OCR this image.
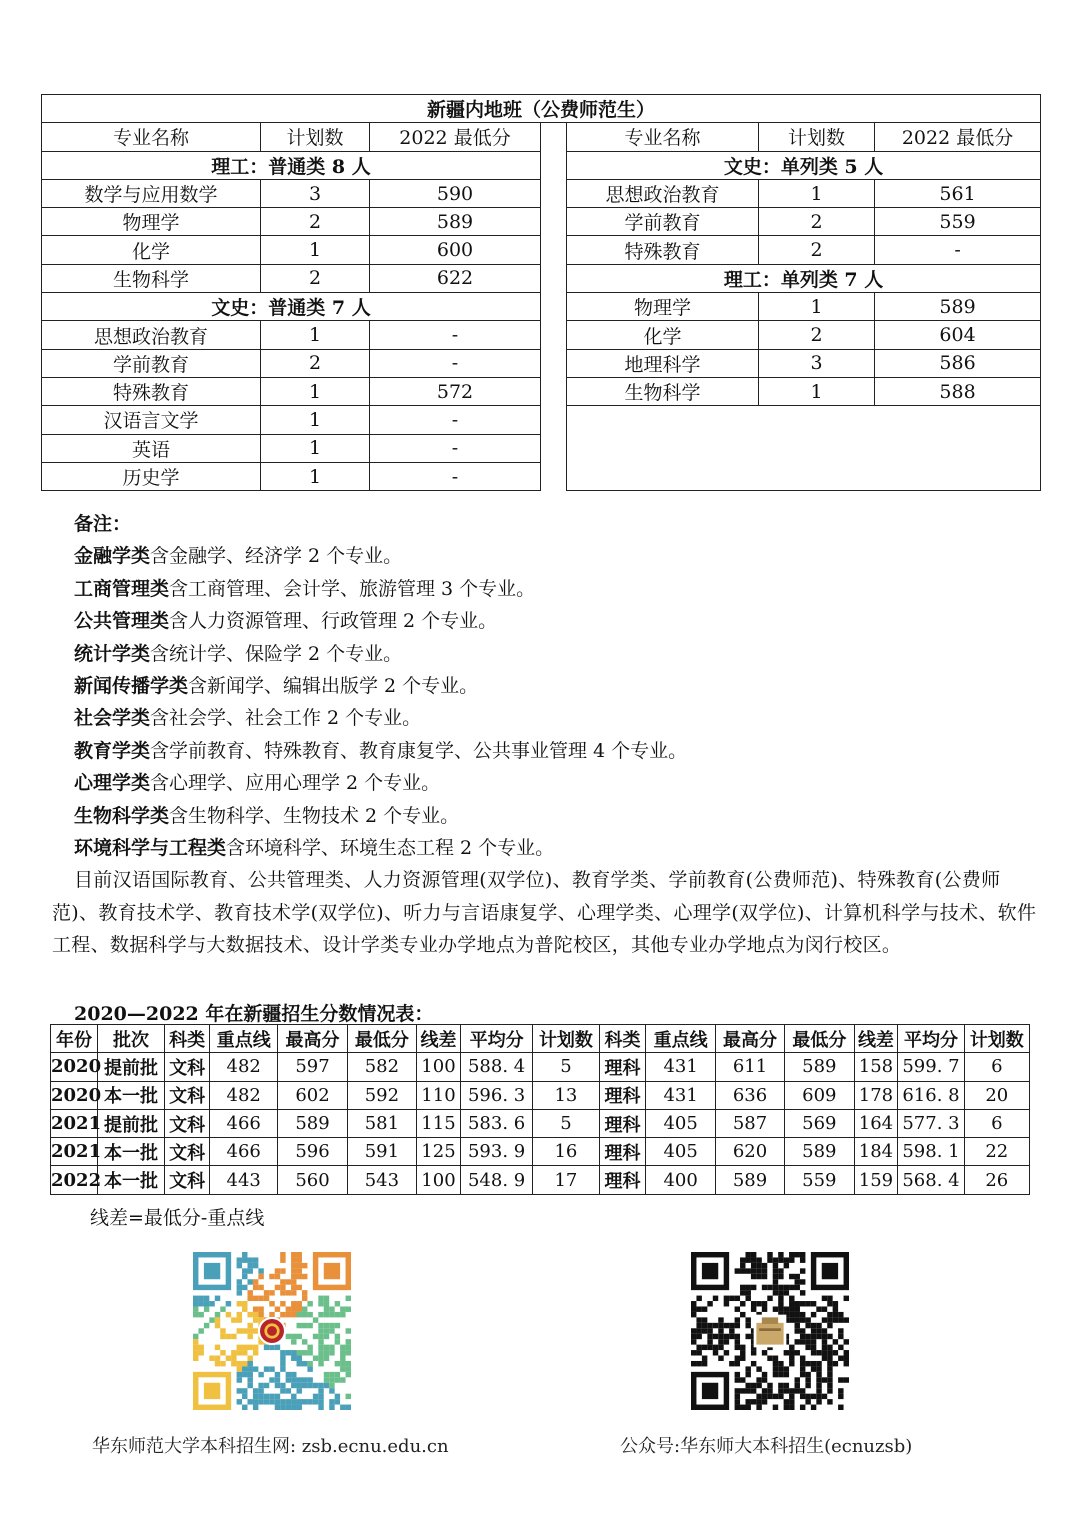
新疆内地班（公费师范生）						
专业名称	计划数	2022 最低分		专业名称	计划数	2022 最低分
理工：普通类 8 人				文史：单列类 5 人		
数学与应用数学	3	590		思想政治教育	1	561
物理学	2	589		学前教育	2	559
化学	1	600		特殊教育	2	-
生物科学	2	622		理工：单列类 7 人		
文史：普通类 7 人				物理学	1	589
思想政治教育	1	-		化学	2	604
学前教育	2	-		地理科学	3	586
特殊教育	1	572		生物科学	1	588
汉语言文学	1	-				
英语	1	-				
历史学	1	-				
备注：
金融学类含金融学、经济学 2 个专业。
工商管理类含工商管理、会计学、旅游管理 3 个专业。
公共管理类含人力资源管理、行政管理 2 个专业。
统计学类含统计学、保险学 2 个专业。
新闻传播学类含新闻学、编辑出版学 2 个专业。
社会学类含社会学、社会工作 2 个专业。
教育学类含学前教育、特殊教育、教育康复学、公共事业管理 4 个专业。
心理学类含心理学、应用心理学 2 个专业。
生物科学类含生物科学、生物技术 2 个专业。
环境科学与工程类含环境科学、环境生态工程 2 个专业。
目前汉语国际教育、公共管理类、人力资源管理(双学位)、教育学类、学前教育(公费师范)、特殊教育(公费师范)、教育技术学、教育技术学(双学位)、听力与言语康复学、心理学类、心理学(双学位)、计算机科学与技术、软件工程、数据科学与大数据技术、设计学类专业办学地点为普陀校区，其他专业办学地点为闵行校区。
2020—2022 年在新疆招生分数情况表：
年份	批次	科类	重点线	最高分	最低分	线差	平均分	计划数	科类	重点线	最高分	最低分	线差	平均分	计划数
2020	提前批	文科	482	597	582	100	588. 4	5	理科	431	611	589	158	599. 7	6
2020	本一批	文科	482	602	592	110	596. 3	13	理科	431	636	609	178	616. 8	20
2021	提前批	文科	466	589	581	115	583. 6	5	理科	405	587	569	164	577. 3	6
2021	本一批	文科	466	596	591	125	593. 9	16	理科	405	620	589	184	598. 1	22
2022	本一批	文科	443	560	543	100	548. 9	17	理科	400	589	559	159	568. 4	26
线差=最低分-重点线
华东师范大学本科招生网: zsb.ecnu.edu.cn	公众号:华东师大本科招生(ecnuzsb)
